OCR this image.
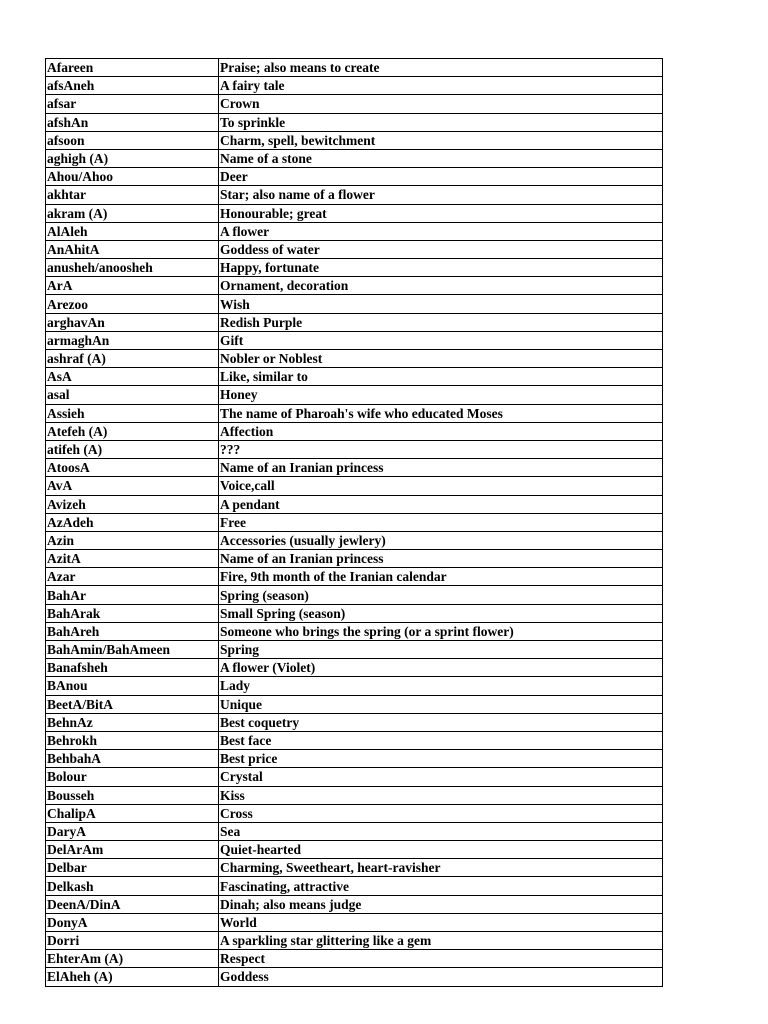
Afareen	Praise; also means to create
afsAneh	A fairy tale
afsar	Crown
afshAn	To sprinkle
afsoon	Charm, spell, bewitchment
aghigh (A)	Name of a stone
Ahou/Ahoo	Deer
akhtar	Star; also name of a flower
akram (A)	Honourable; great
AlAleh	A flower
AnAhitA	Goddess of water
anusheh/anoosheh	Happy, fortunate
ArA	Ornament, decoration
Arezoo	Wish
arghavAn	Redish Purple
armaghAn	Gift
ashraf (A)	Nobler or Noblest
AsA	Like, similar to
asal	Honey
Assieh	The name of Pharoah's wife who educated Moses
Atefeh (A)	Affection
atifeh (A)	???
AtoosA	Name of an Iranian princess
AvA	Voice,call
Avizeh	A pendant
AzAdeh	Free
Azin	Accessories (usually jewlery)
AzitA	Name of an Iranian princess
Azar	Fire, 9th month of the Iranian calendar
BahAr	Spring (season)
BahArak	Small Spring (season)
BahAreh	Someone who brings the spring (or a sprint flower)
BahAmin/BahAmeen	Spring
Banafsheh	A flower (Violet)
BAnou	Lady
BeetA/BitA	Unique
BehnAz	Best coquetry
Behrokh	Best face
BehbahA	Best price
Bolour	Crystal
Bousseh	Kiss
ChalipA	Cross
DaryA	Sea
DelArAm	Quiet-hearted
Delbar	Charming, Sweetheart, heart-ravisher
Delkash	Fascinating, attractive
DeenA/DinA	Dinah; also means judge
DonyA	World
Dorri	A sparkling star glittering like a gem
EhterAm (A)	Respect
ElAheh (A)	Goddess
